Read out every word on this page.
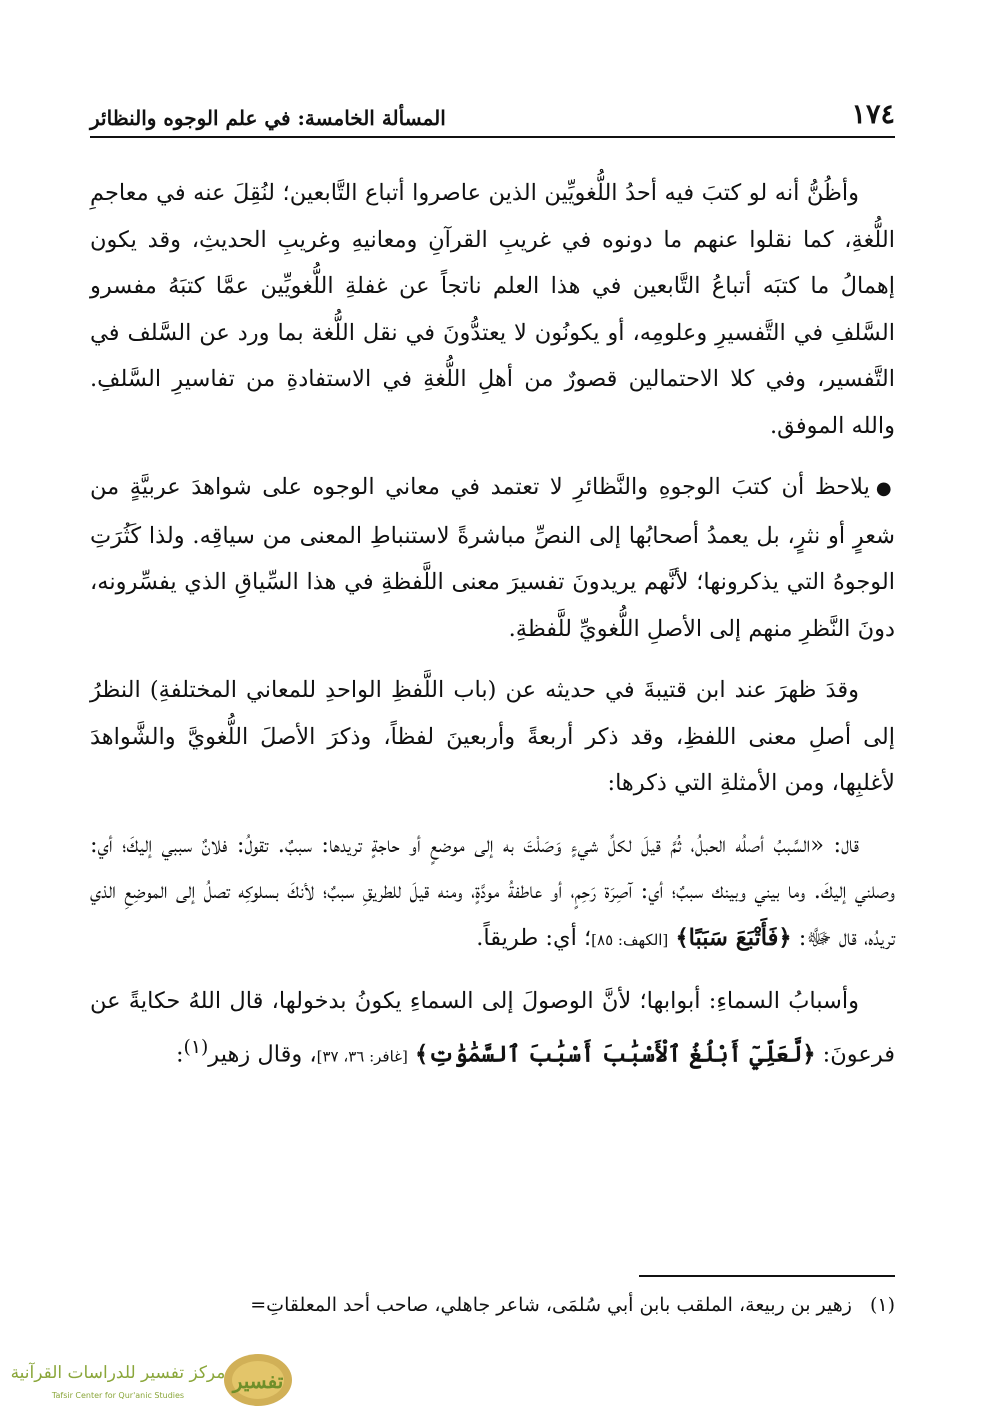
١٧٤
المسألة الخامسة: في علم الوجوه والنظائر

وأظُنُّ أنه لو كتبَ فيه أحدُ اللُّغويِّين الذين عاصروا أتباع التَّابعين؛ لنُقِلَ عنه في معاجمِ اللُّغةِ، كما نقلوا عنهم ما دونوه في غريبِ القرآنِ ومعانيهِ وغريبِ الحديثِ، وقد يكون إهمالُ ما كتبَه أتباعُ التَّابعين في هذا العلم ناتجاً عن غفلةِ اللُّغويِّين عمَّا كتبَهُ مفسرو السَّلفِ في التَّفسيرِ وعلومِه، أو يكونُون لا يعتدُّونَ في نقل اللُّغة بما ورد عن السَّلف في التَّفسير، وفي كلا الاحتمالين قصورٌ من أهلِ اللُّغةِ في الاستفادةِ من تفاسيرِ السَّلفِ. والله الموفق.

●يلاحظ أن كتبَ الوجوهِ والنَّظائرِ لا تعتمد في معاني الوجوه على شواهدَ عربيَّةٍ من شعرٍ أو نثرٍ، بل يعمدُ أصحابُها إلى النصِّ مباشرةً لاستنباطِ المعنى من سياقِه. ولذا كَثُرَتِ الوجوهُ التي يذكرونها؛ لأنَّهم يريدونَ تفسيرَ معنى اللَّفظةِ في هذا السِّياقِ الذي يفسِّرونه، دونَ النَّظرِ منهم إلى الأصلِ اللُّغويِّ للَّفظةِ.

وقدَ ظهرَ عند ابن قتيبةَ في حديثه عن (باب اللَّفظِ الواحدِ للمعاني المختلفةِ) النظرُ إلى أصلِ معنى اللفظِ، وقد ذكر أربعةً وأربعينَ لفظاً، وذكرَ الأصلَ اللُّغويَّ والشَّواهدَ لأغلبِها، ومن الأمثلةِ التي ذكرها:

قال: «السَّببُ أصلُه الحبلُ، ثُمَّ قيلَ لكلِّ شيءٍ وَصَلْتَ به إلى موضعٍ أو حاجةٍ تريدها: سببٌ. تقولُ: فلانٌ سببي إليكَ؛ أي: وصلني إليكَ. وما بيني وبينك سببٌ؛ أي: آصِرَة رَحِمٍ، أو عاطفةُ مودَّةٍ، ومنه قيلَ للطريقِ سببٌ؛ لأنكَ بسلوكِه تصلُ إلى الموضِعِ الذي تريدُه، قال ﷻ: ﴿فَأَتْبَعَ سَبَبًا﴾ [الكهف: ٨٥]؛ أي: طريقاً.

وأسبابُ السماءِ: أبوابها؛ لأنَّ الوصولَ إلى السماءِ يكونُ بدخولها، قال اللهُ حكايةً عن فرعونَ: ﴿لَّعَلِّيٓ أَبْلُغُ ٱلْأَسْبَٰبَ أَسْبَٰبَ ٱلسَّمَٰوَٰتِ﴾ [غافر: ٣٦، ٣٧]، وقال زهير$^{(١)}$:

(١)زهير بن ربيعة، الملقب بابن أبي سُلمَى، شاعر جاهلي، صاحب أحد المعلقاتِ=
تفسير
مركز تفسير للدراسات القرآنية
Tafsir Center for Qur'anic Studies
